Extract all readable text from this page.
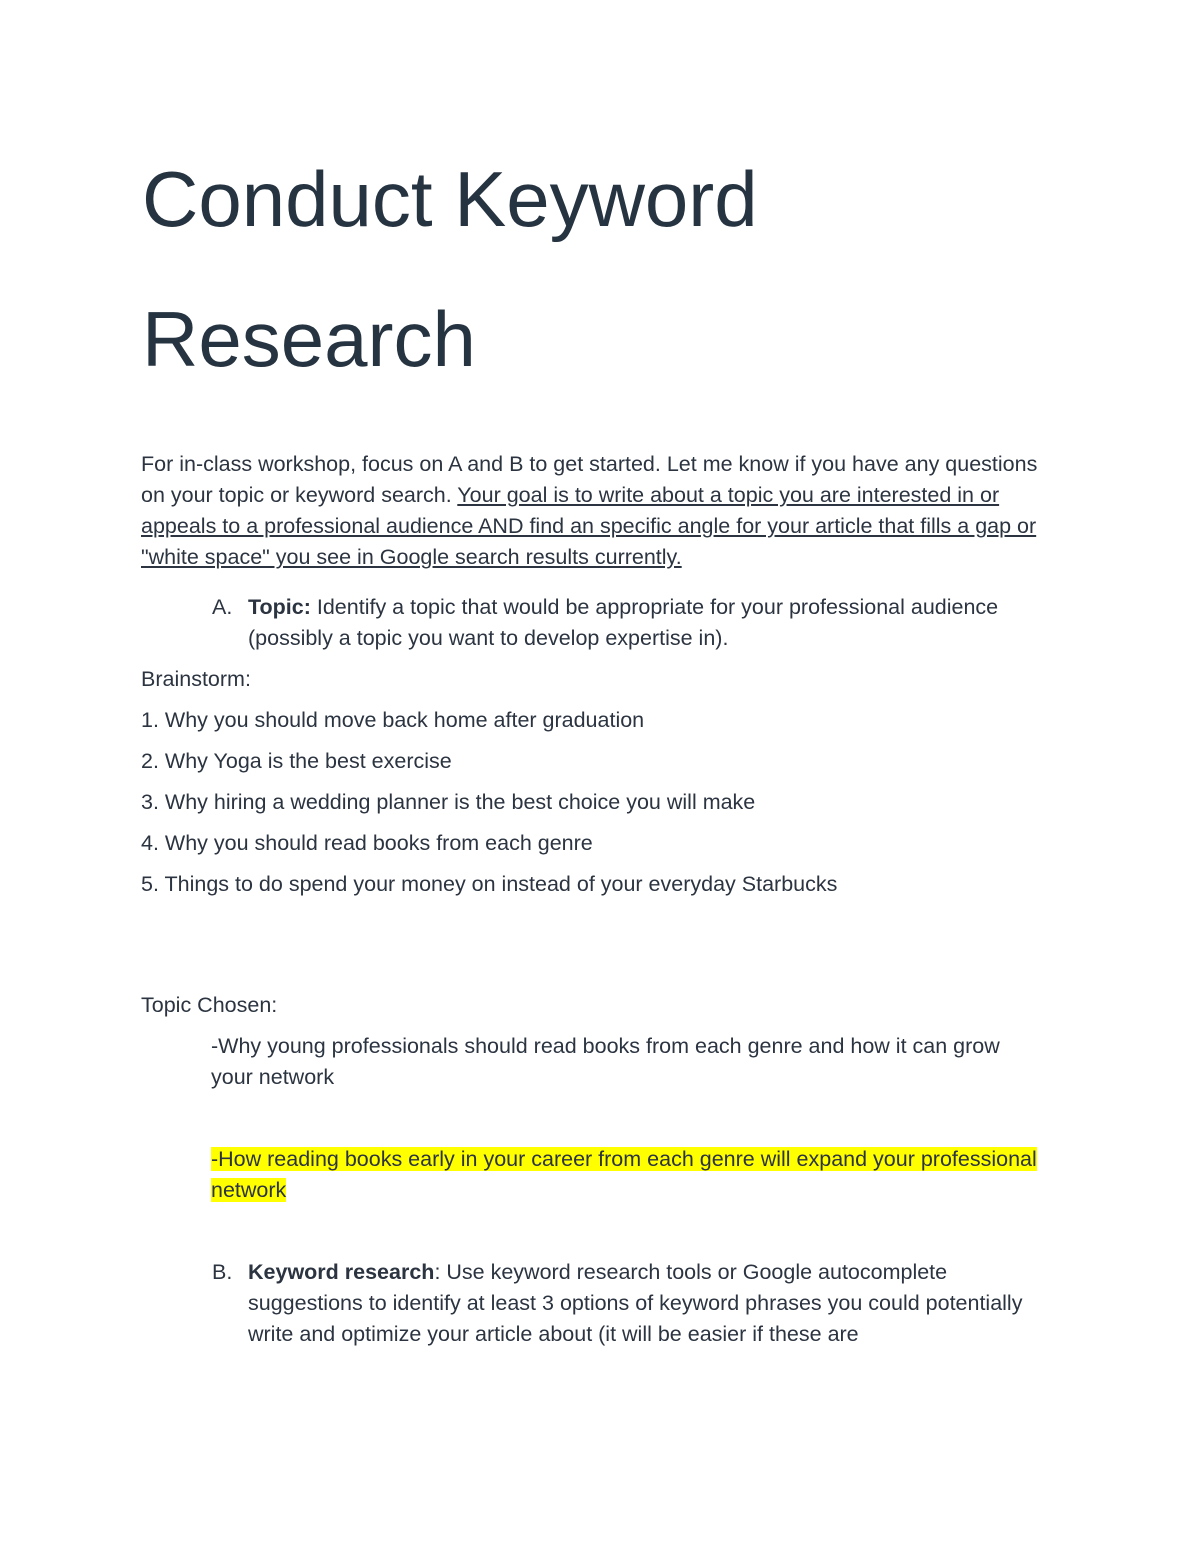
Conduct Keyword
Research
For in-class workshop, focus on A and B to get started. Let me know if you have any questions on your topic or keyword search. Your goal is to write about a topic you are interested in or appeals to a professional audience AND find an specific angle for your article that fills a gap or "white space" you see in Google search results currently.
A. Topic: Identify a topic that would be appropriate for your professional audience (possibly a topic you want to develop expertise in).
Brainstorm:
1. Why you should move back home after graduation
2. Why Yoga is the best exercise
3. Why hiring a wedding planner is the best choice you will make
4. Why you should read books from each genre
5. Things to do spend your money on instead of your everyday Starbucks
Topic Chosen:
-Why young professionals should read books from each genre and how it can grow your network
-How reading books early in your career from each genre will expand your professional network
B. Keyword research: Use keyword research tools or Google autocomplete suggestions to identify at least 3 options of keyword phrases you could potentially write and optimize your article about (it will be easier if these are
